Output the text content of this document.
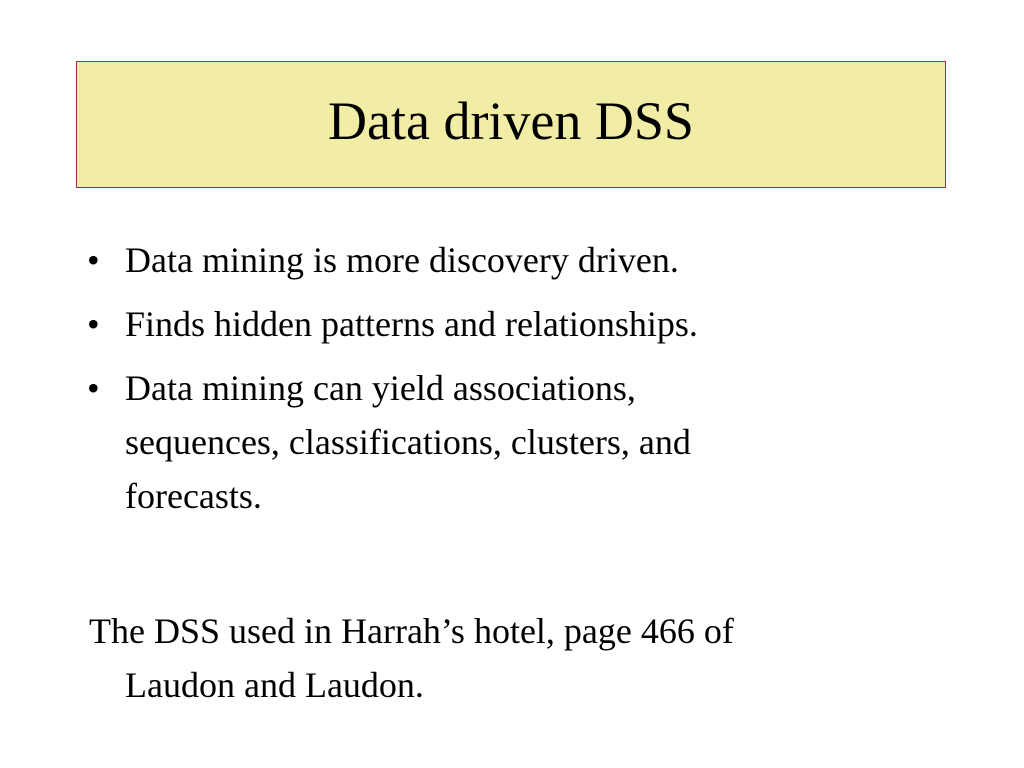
Data driven DSS
• Data mining is more discovery driven.
• Finds hidden patterns and relationships.
• Data mining can yield associations,
sequences, classifications, clusters, and
forecasts.

The DSS used in Harrah’s hotel, page 466 of
Laudon and Laudon.
